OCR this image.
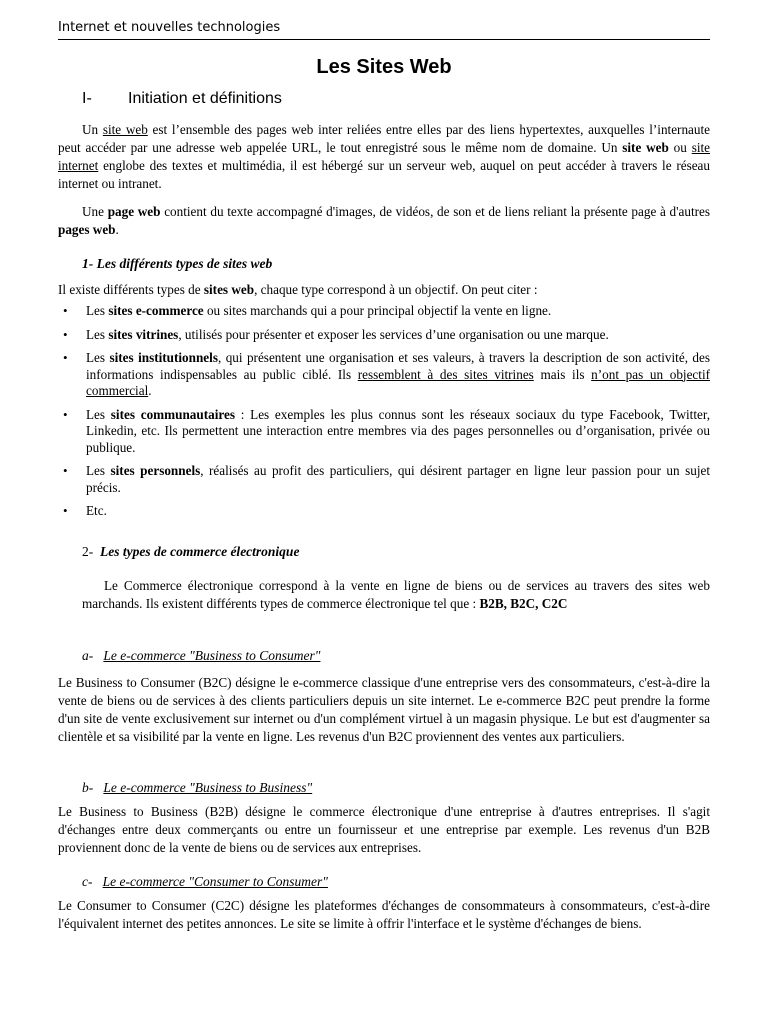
Internet et nouvelles technologies
Les Sites Web
I- Initiation et définitions
Un site web est l’ensemble des pages web inter reliées entre elles par des liens hypertextes, auxquelles l’internaute peut accéder par une adresse web appelée URL, le tout enregistré sous le même nom de domaine. Un site web ou site internet englobe des textes et multimédia, il est hébergé sur un serveur web, auquel on peut accéder à travers le réseau internet ou intranet.
Une page web contient du texte accompagné d'images, de vidéos, de son et de liens reliant la présente page à d'autres pages web.
1- Les différents types de sites web
Il existe différents types de sites web, chaque type correspond à un objectif. On peut citer :
• Les sites e-commerce ou sites marchands qui a pour principal objectif la vente en ligne.
• Les sites vitrines, utilisés pour présenter et exposer les services d’une organisation ou une marque.
• Les sites institutionnels, qui présentent une organisation et ses valeurs, à travers la description de son activité, des informations indispensables au public ciblé. Ils ressemblent à des sites vitrines mais ils n’ont pas un objectif commercial.
• Les sites communautaires : Les exemples les plus connus sont les réseaux sociaux du type Facebook, Twitter, Linkedin, etc. Ils permettent une interaction entre membres via des pages personnelles ou d’organisation, privée ou publique.
• Les sites personnels, réalisés au profit des particuliers, qui désirent partager en ligne leur passion pour un sujet précis.
• Etc.
2- Les types de commerce électronique
Le Commerce électronique correspond à la vente en ligne de biens ou de services au travers des sites web marchands. Ils existent différents types de commerce électronique tel que : B2B, B2C, C2C
a- Le e-commerce "Business to Consumer"
Le Business to Consumer (B2C) désigne le e-commerce classique d'une entreprise vers des consommateurs, c'est-à-dire la vente de biens ou de services à des clients particuliers depuis un site internet. Le e-commerce B2C peut prendre la forme d'un site de vente exclusivement sur internet ou d'un complément virtuel à un magasin physique. Le but est d'augmenter sa clientèle et sa visibilité par la vente en ligne. Les revenus d'un B2C proviennent des ventes aux particuliers.
b- Le e-commerce "Business to Business"
Le Business to Business (B2B) désigne le commerce électronique d'une entreprise à d'autres entreprises. Il s'agit d'échanges entre deux commerçants ou entre un fournisseur et une entreprise par exemple. Les revenus d'un B2B proviennent donc de la vente de biens ou de services aux entreprises.
c- Le e-commerce "Consumer to Consumer"
Le Consumer to Consumer (C2C) désigne les plateformes d'échanges de consommateurs à consommateurs, c'est-à-dire l'équivalent internet des petites annonces. Le site se limite à offrir l'interface et le système d'échanges de biens.
